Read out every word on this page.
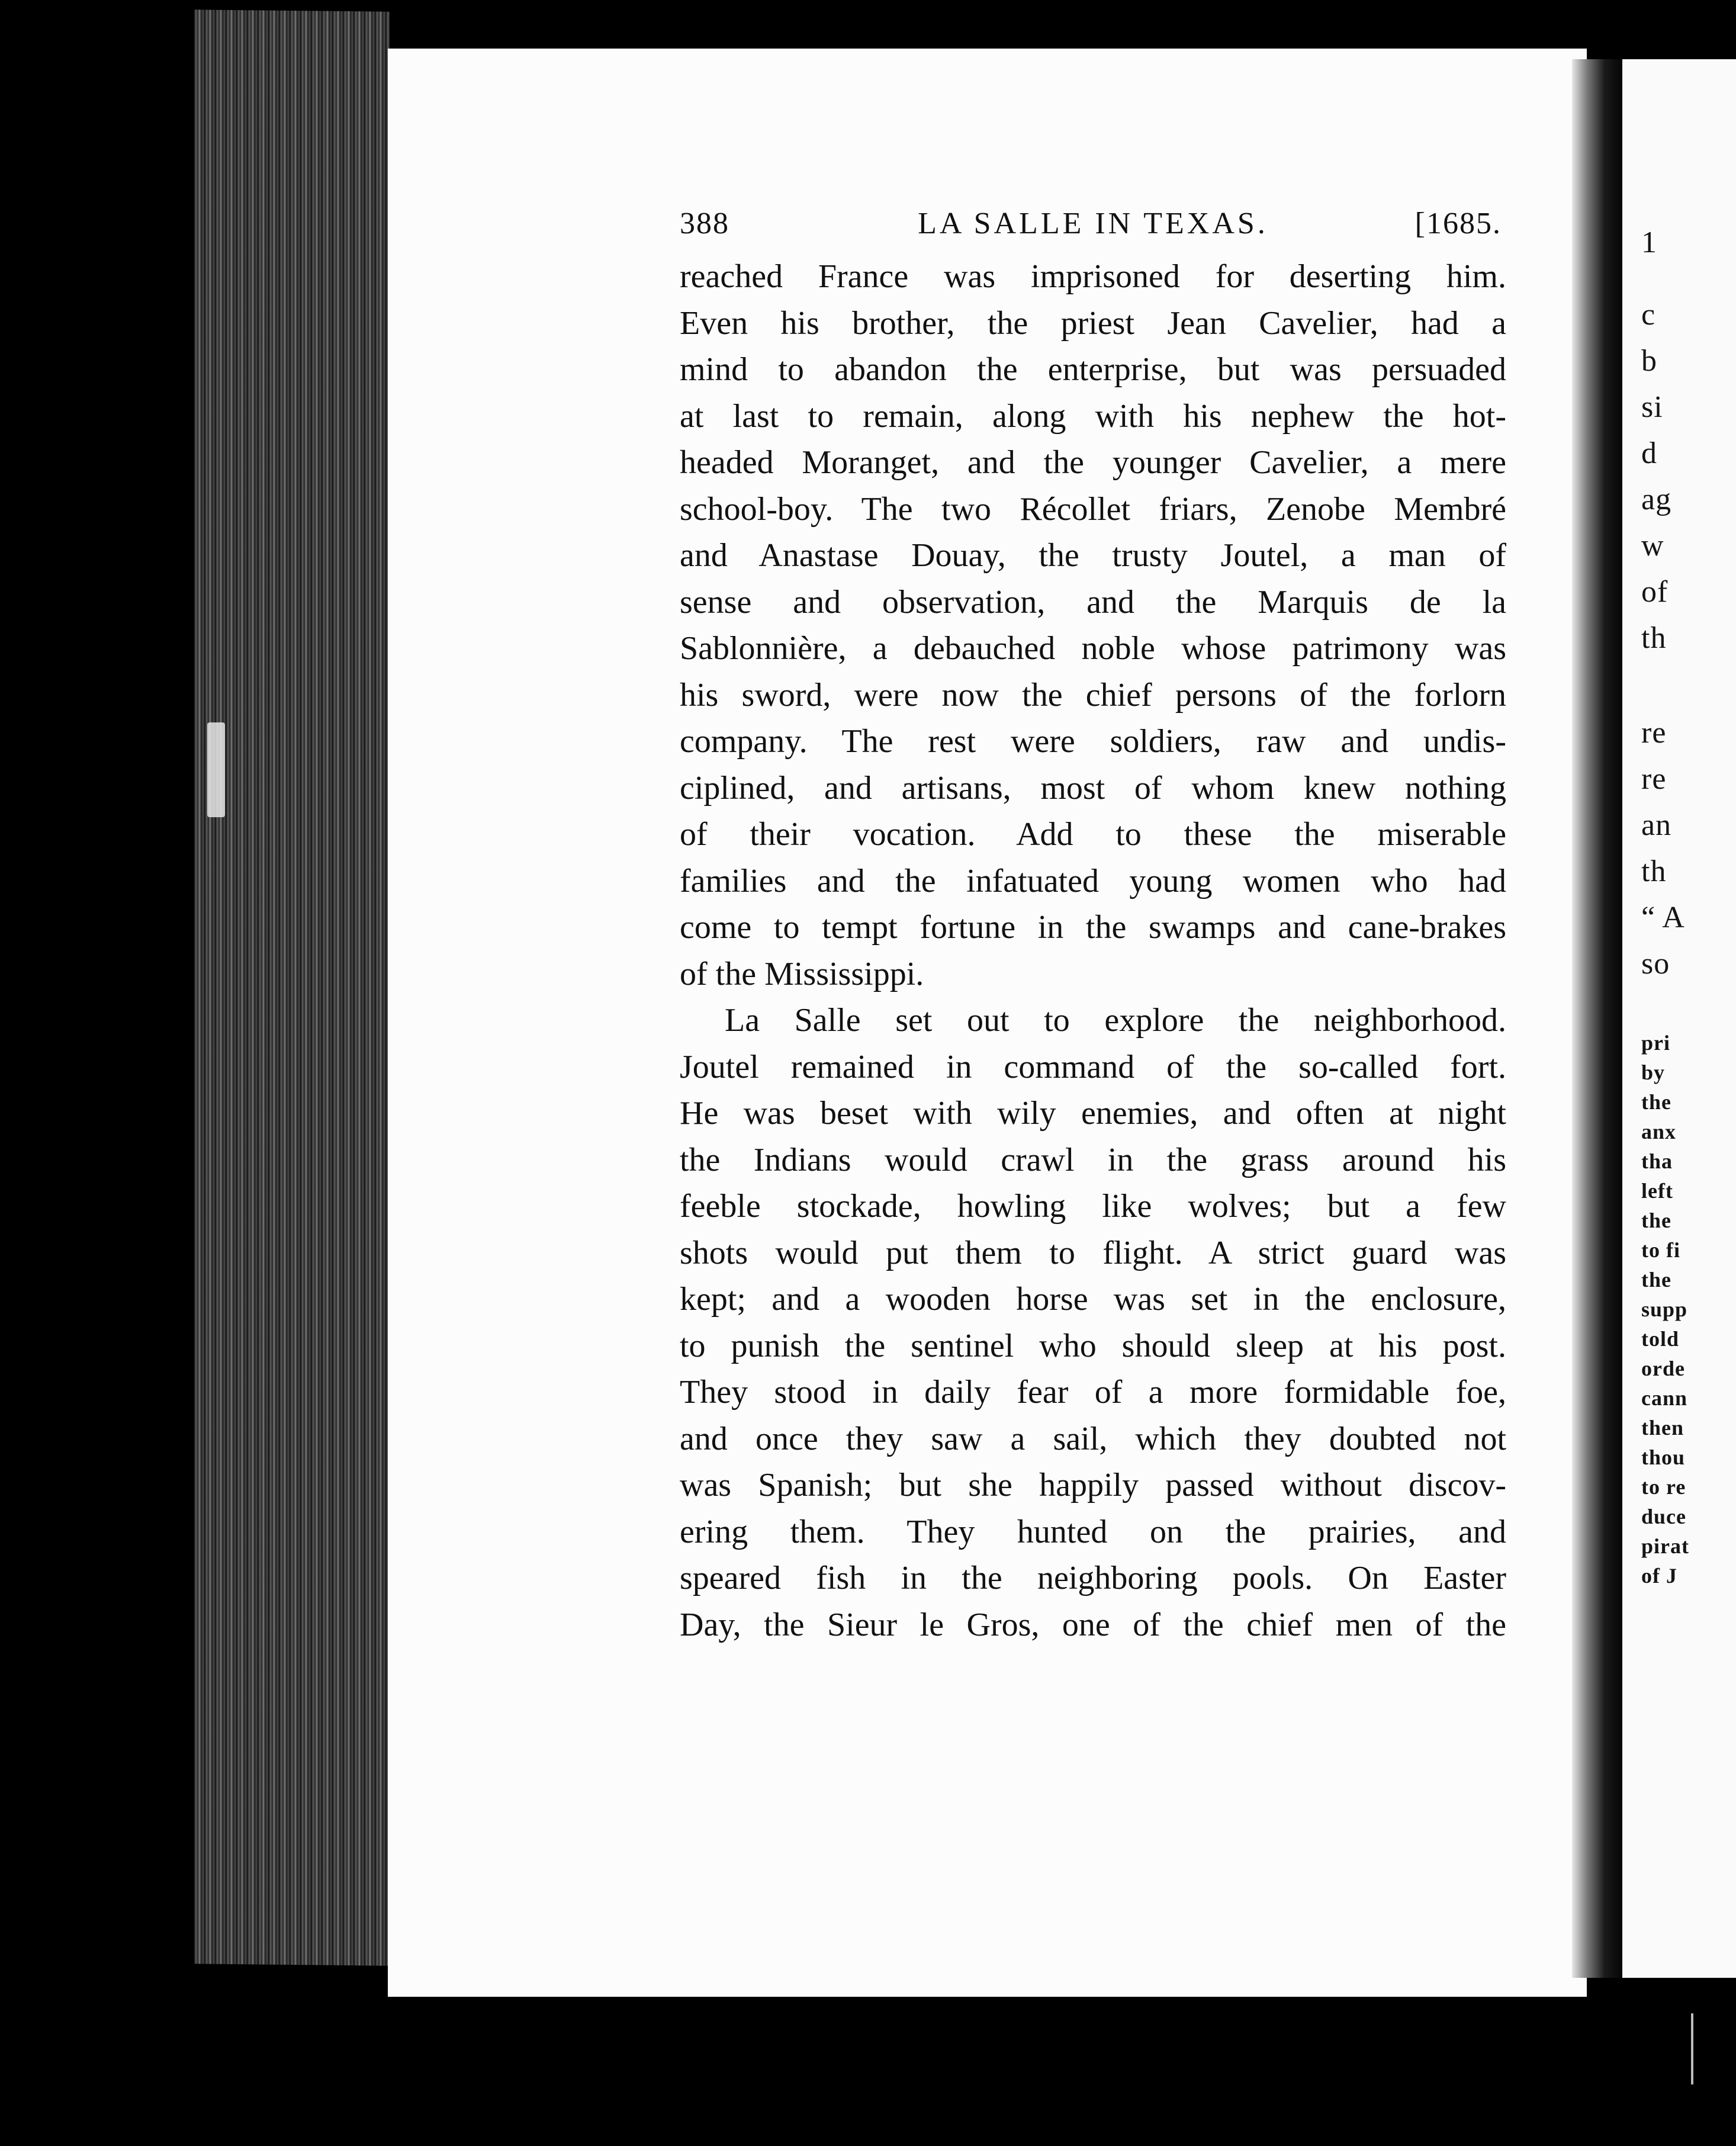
1
c
b
si
d
ag
w
of
th
re
re
an
th
“ A
so
pri
by
the
anx
tha
left
the
to fi
the
supp
told
orde
cann
then
thou
to re
duce
pirat
of J
388	LA SALLE IN TEXAS.	[1685.

reached France was imprisoned for deserting him.

Even his brother, the priest Jean Cavelier, had a

mind to abandon the enterprise, but was persuaded

at last to remain, along with his nephew the hot-

headed Moranget, and the younger Cavelier, a mere

school-boy. The two Récollet friars, Zenobe Membré

and Anastase Douay, the trusty Joutel, a man of

sense and observation, and the Marquis de la

Sablonnière, a debauched noble whose patrimony was

his sword, were now the chief persons of the forlorn

company. The rest were soldiers, raw and undis-

ciplined, and artisans, most of whom knew nothing

of their vocation. Add to these the miserable

families and the infatuated young women who had

come to tempt fortune in the swamps and cane-brakes

of the Mississippi.

La Salle set out to explore the neighborhood.

Joutel remained in command of the so-called fort.

He was beset with wily enemies, and often at night

the Indians would crawl in the grass around his

feeble stockade, howling like wolves; but a few

shots would put them to flight. A strict guard was

kept; and a wooden horse was set in the enclosure,

to punish the sentinel who should sleep at his post.

They stood in daily fear of a more formidable foe,

and once they saw a sail, which they doubted not

was Spanish; but she happily passed without discov-

ering them. They hunted on the prairies, and

speared fish in the neighboring pools. On Easter

Day, the Sieur le Gros, one of the chief men of the
